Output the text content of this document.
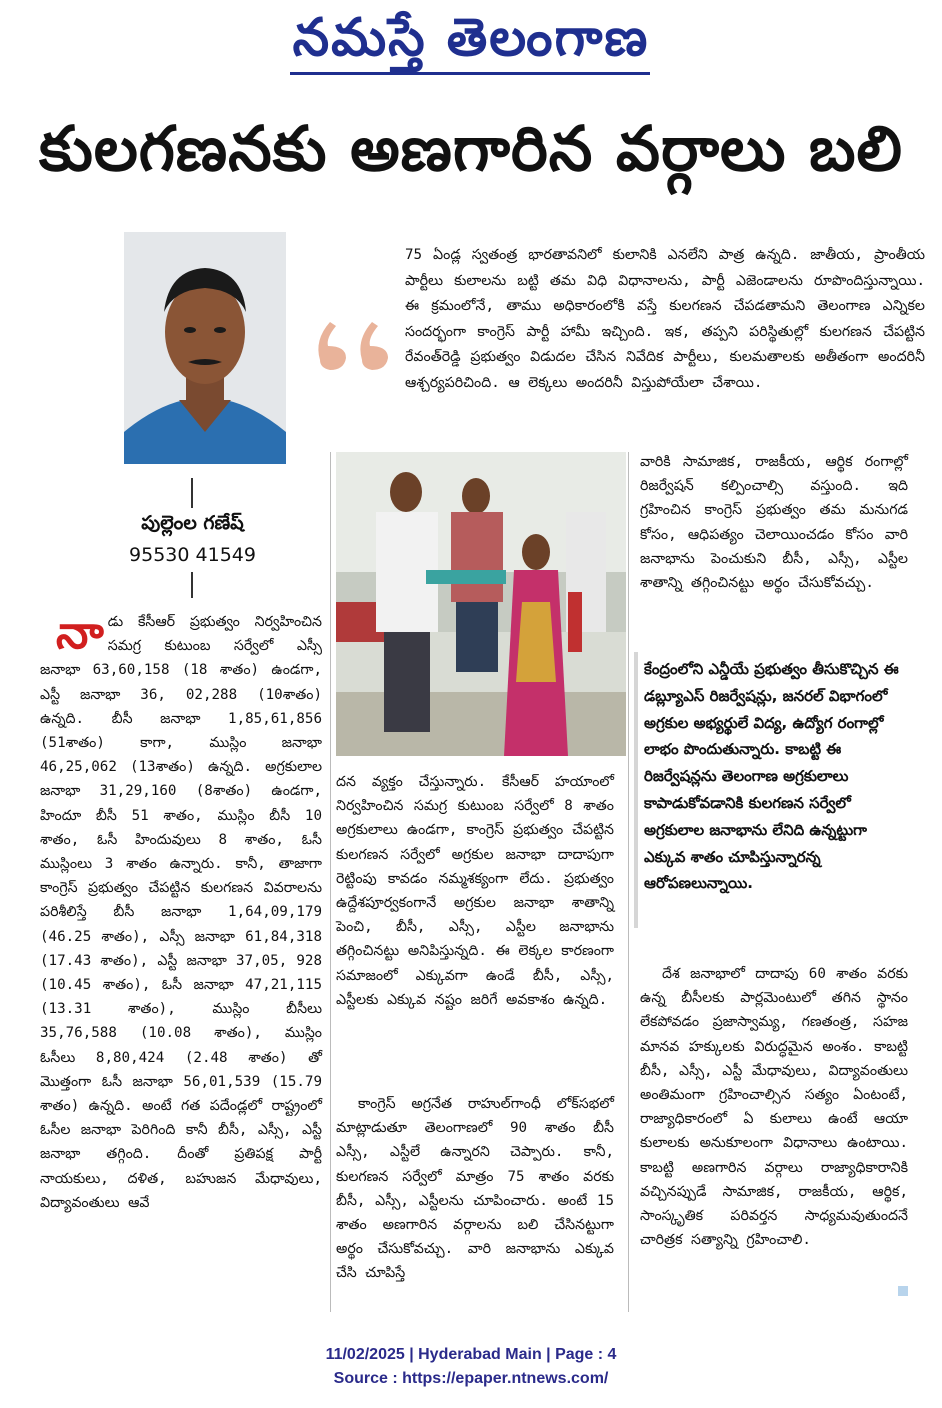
నమస్తే తెలంగాణ
కులగణనకు అణగారిన వర్గాలు బలి
పుల్లెంల గణేష్
95530 41549
75 ఏండ్ల స్వతంత్ర భారతావనిలో కులానికి ఎనలేని పాత్ర ఉన్నది. జాతీయ, ప్రాంతీయ పార్టీలు కులాలను బట్టి తమ విధి విధానాలను, పార్టీ ఎజెండాలను రూపొందిస్తున్నాయి. ఈ క్రమంలోనే, తాము అధికారంలోకి వస్తే కులగణన చేపడతామని తెలంగాణ ఎన్నికల సందర్భంగా కాంగ్రెస్ పార్టీ హామీ ఇచ్చింది. ఇక, తప్పని పరిస్థితుల్లో కులగణన చేపట్టిన రేవంత్‌రెడ్డి ప్రభుత్వం విడుదల చేసిన నివేదిక పార్టీలు, కులమతాలకు అతీతంగా అందరినీ ఆశ్చర్యపరిచింది. ఆ లెక్కలు అందరినీ విస్తుపోయేలా చేశాయి.
నాడు కేసీఆర్ ప్రభుత్వం నిర్వహించిన సమగ్ర కుటుంబ సర్వేలో ఎస్సీ జనాభా 63,60,158 (18 శాతం) ఉండగా, ఎస్టీ జనాభా 36, 02,288 (10శాతం) ఉన్నది. బీసీ జనాభా 1,85,61,856 (51శాతం) కాగా, ముస్లిం జనాభా 46,25,062 (13శాతం) ఉన్నది. అగ్రకులాల జనాభా 31,29,160 (8శాతం) ఉండగా, హిందూ బీసీ 51 శాతం, ముస్లిం బీసీ 10 శాతం, ఓసీ హిందువులు 8 శాతం, ఓసీ ముస్లింలు 3 శాతం ఉన్నారు. కానీ, తాజాగా కాంగ్రెస్ ప్రభుత్వం చేపట్టిన కులగణన వివరాలను పరిశీలిస్తే బీసీ జనాభా 1,64,09,179 (46.25 శాతం), ఎస్సీ జనాభా 61,84,318 (17.43 శాతం), ఎస్టీ జనాభా 37,05, 928 (10.45 శాతం), ఓసీ జనాభా 47,21,115 (13.31 శాతం), ముస్లిం బీసీలు 35,76,588 (10.08 శాతం), ముస్లిం ఓసీలు 8,80,424 (2.48 శాతం) తో మొత్తంగా ఓసీ జనాభా 56,01,539 (15.79 శాతం) ఉన్నది. అంటే గత పదేండ్లలో రాష్ట్రంలో ఓసీల జనాభా పెరిగింది కానీ బీసీ, ఎస్సీ, ఎస్టీ జనాభా తగ్గింది. దీంతో ప్రతిపక్ష పార్టీ నాయకులు, దళిత, బహుజన మేధావులు, విద్యావంతులు ఆవే
దన వ్యక్తం చేస్తున్నారు. కేసీఆర్ హయాంలో నిర్వహించిన సమగ్ర కుటుంబ సర్వేలో 8 శాతం అగ్రకులాలు ఉండగా, కాంగ్రెస్ ప్రభుత్వం చేపట్టిన కులగణన సర్వేలో అగ్రకుల జనాభా దాదాపుగా రెట్టింపు కావడం నమ్మశక్యంగా లేదు. ప్రభుత్వం ఉద్దేశపూర్వకంగానే అగ్రకుల జనాభా శాతాన్ని పెంచి, బీసీ, ఎస్సీ, ఎస్టీల జనాభాను తగ్గించినట్టు అనిపిస్తున్నది. ఈ లెక్కల కారణంగా సమాజంలో ఎక్కువగా ఉండే బీసీ, ఎస్సీ, ఎస్టీలకు ఎక్కువ నష్టం జరిగే అవకాశం ఉన్నది.
కాంగ్రెస్ అగ్రనేత రాహుల్‌గాంధీ లోక్‌సభలో మాట్లాడుతూ తెలంగాణలో 90 శాతం బీసీ ఎస్సీ, ఎస్టీలే ఉన్నారని చెప్పారు. కానీ, కులగణన సర్వేలో మాత్రం 75 శాతం వరకు బీసీ, ఎస్సీ, ఎస్టీలను చూపించారు. అంటే 15 శాతం అణగారిన వర్గాలను బలి చేసినట్టుగా అర్థం చేసుకోవచ్చు. వారి జనాభాను ఎక్కువ చేసి చూపిస్తే
వారికి సామాజిక, రాజకీయ, ఆర్థిక రంగాల్లో రిజర్వేషన్ కల్పించాల్సి వస్తుంది. ఇది గ్రహించిన కాంగ్రెస్ ప్రభుత్వం తమ మనుగడ కోసం, ఆధిపత్యం చెలాయించడం కోసం వారి జనాభాను పెంచుకుని బీసీ, ఎస్సీ, ఎస్టీల శాతాన్ని తగ్గించినట్టు అర్థం చేసుకోవచ్చు.
కేంద్రంలోని ఎన్డీయే ప్రభుత్వం తీసుకొచ్చిన ఈ డబ్ల్యూఎస్ రిజర్వేషన్లు, జనరల్ విభాగంలో అగ్రకుల అభ్యర్థులే విద్య, ఉద్యోగ రంగాల్లో లాభం పొందుతున్నారు. కాబట్టి ఈ రిజర్వేషన్లను తెలంగాణ అగ్రకులాలు కాపాడుకోవడానికి కులగణన సర్వేలో అగ్రకులాల జనాభాను లేనిది ఉన్నట్టుగా ఎక్కువ శాతం చూపిస్తున్నారన్న ఆరోపణలున్నాయి.
దేశ జనాభాలో దాదాపు 60 శాతం వరకు ఉన్న బీసీలకు పార్లమెంటులో తగిన స్థానం లేకపోవడం ప్రజాస్వామ్య, గణతంత్ర, సహజ మానవ హక్కులకు విరుద్ధమైన అంశం. కాబట్టి బీసీ, ఎస్సీ, ఎస్టీ మేధావులు, విద్యావంతులు అంతిమంగా గ్రహించాల్సిన సత్యం ఏంటంటే, రాజ్యాధికారంలో ఏ కులాలు ఉంటే ఆయా కులాలకు అనుకూలంగా విధానాలు ఉంటాయి. కాబట్టి అణగారిన వర్గాలు రాజ్యాధికారానికి వచ్చినప్పుడే సామాజిక, రాజకీయ, ఆర్థిక, సాంస్కృతిక పరివర్తన సాధ్యమవుతుందనే చారిత్రక సత్యాన్ని గ్రహించాలి.
11/02/2025 | Hyderabad Main | Page : 4
Source : https://epaper.ntnews.com/
